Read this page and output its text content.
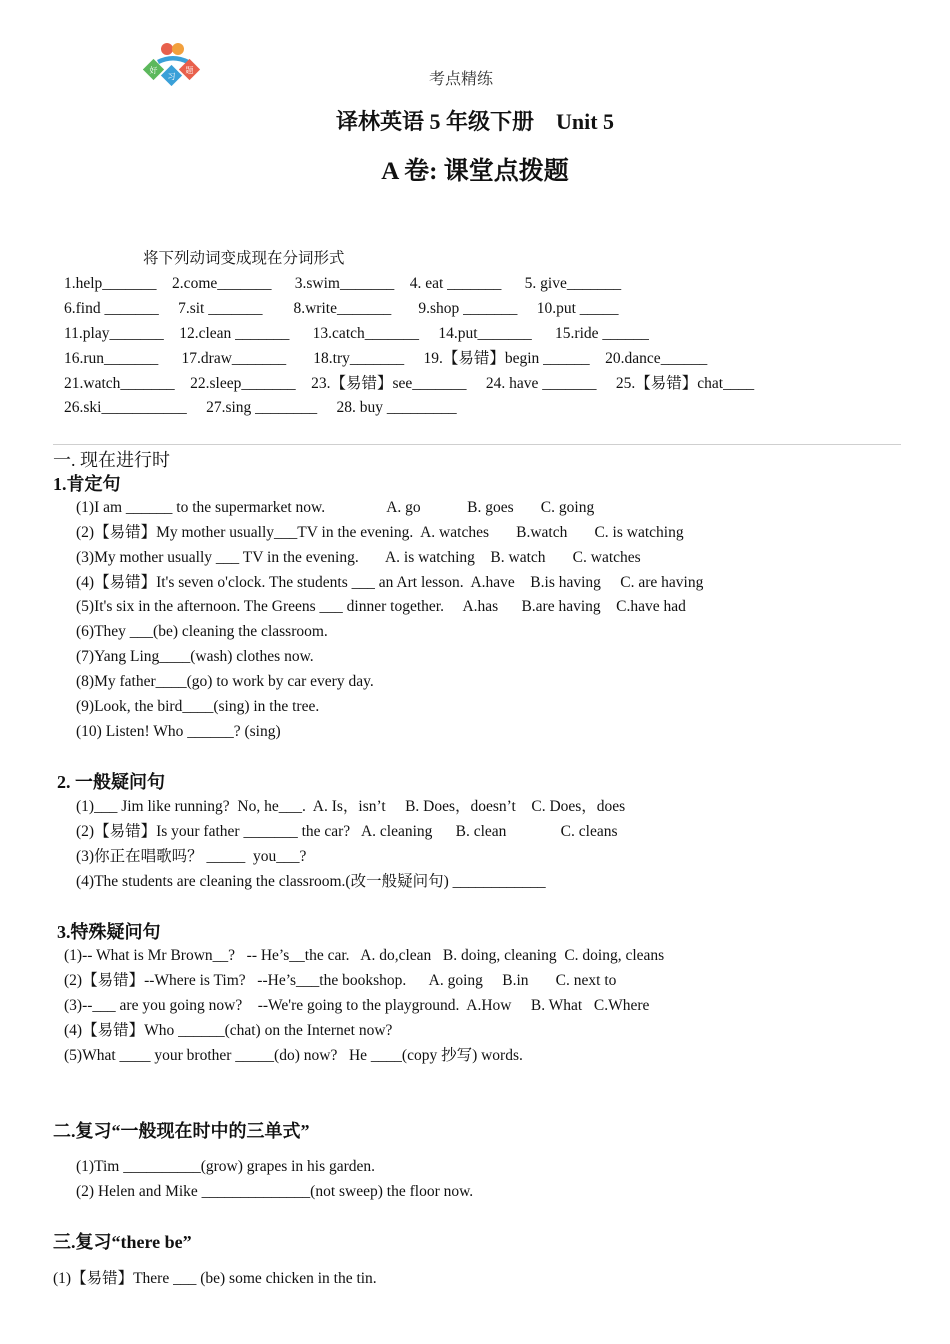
好
习
题
考点精练
译林英语 5 年级下册    Unit 5
A 卷: 课堂点拨题
将下列动词变成现在分词形式
1.help_______    2.come_______      3.swim_______    4. eat _______      5. give_______
6.find _______     7.sit _______        8.write_______       9.shop _______     10.put _____
11.play_______    12.clean _______      13.catch_______     14.put_______      15.ride ______
16.run_______      17.draw_______       18.try_______     19.【易错】begin ______    20.dance______
21.watch_______    22.sleep_______    23.【易错】see_______     24. have _______     25.【易错】chat____
26.ski___________     27.sing ________     28. buy _________
一. 现在进行时
1.肯定句
(1)I am ______ to the supermarket now.                A. go            B. goes       C. going
(2)【易错】My mother usually___TV in the evening.  A. watches       B.watch       C. is watching
(3)My mother usually ___ TV in the evening.       A. is watching    B. watch       C. watches
(4)【易错】It's seven o'clock. The students ___ an Art lesson.  A.have    B.is having     C. are having
(5)It's six in the afternoon. The Greens ___ dinner together.     A.has      B.are having    C.have had
(6)They ___(be) cleaning the classroom.
(7)Yang Ling____(wash) clothes now.
(8)My father____(go) to work by car every day.
(9)Look, the bird____(sing) in the tree.
(10) Listen! Who ______? (sing)
2. 一般疑问句
(1)___ Jim like running?  No, he___.  A. Is，isn’t     B. Does，doesn’t    C. Does，does
(2)【易错】Is your father _______ the car?   A. cleaning      B. clean              C. cleans
(3)你正在唱歌吗？ _____  you___?
(4)The students are cleaning the classroom.(改一般疑问句) ____________
3.特殊疑问句
(1)-- What is Mr Brown__?   -- He’s__the car.   A. do,clean   B. doing, cleaning  C. doing, cleans
(2)【易错】--Where is Tim?   --He’s___the bookshop.      A. going     B.in       C. next to
(3)--___ are you going now?    --We're going to the playground.  A.How     B. What   C.Where
(4)【易错】Who ______(chat) on the Internet now?
(5)What ____ your brother _____(do) now?   He ____(copy 抄写) words.
二.复习“一般现在时中的三单式”
(1)Tim __________(grow) grapes in his garden.
(2) Helen and Mike ______________(not sweep) the floor now.
三.复习“there be”
(1)【易错】There ___ (be) some chicken in the tin.
